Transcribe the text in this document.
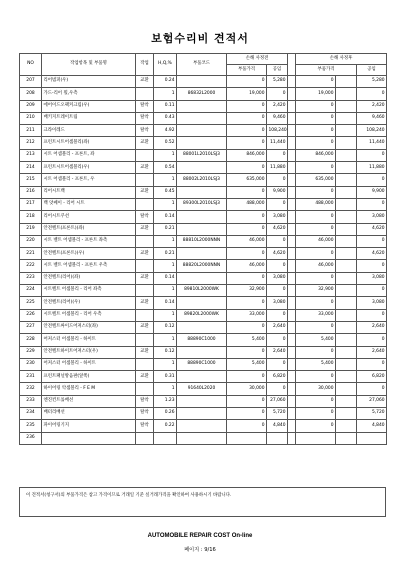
보험수리비 견적서
NO	작업항목 및 부품명	작업	H,Q,%	부품코드	손해 사정전			손해 사정후		
					부품가격	공임		부품가격		공임
207	리어범퍼(우)	교환	0.24		0	5,280		0		5,280
208	가드-리어 휠,우측		1	86832L2000	19,000	0		19,000		0
209	에어이드오팩커크립(우)	탈착	0.11		0	2,420		0		2,420
210	배키지트레이트림	탈착	0.43		0	9,460		0		9,460
211	크라이레드	탈착	4.92		0	108,240		0		108,240
212	프런트시트어셈블리(좌)	교환	0.52		0	11,440		0		11,440
213	시트 어셈블리 - 프론트, 좌		1	88001L2010LSJ3	846,000	0		846,000		0
214	프런트시트어셈블리(우)	교환	0.54		0	11,880		0		11,880
215	시트 어셈블리 - 프론트, 우		1	88002L2010LSJ3	635,000	0		635,000		0
216	리어시트백	교환	0.45		0	9,900		0		9,900
217	백 앗쎄이 - 리어 시트		1	89300L2010LSJ3	488,000	0		488,000		0
218	리어시트쿠션	탈착	0.14		0	3,080		0		3,080
219	안전벨트(프론트)(좌)	교환	0.21		0	4,620		0		4,620
220	시트 벨트 어셈블리 - 프론트 좌측		1	88810L2000NNN	46,000	0		46,000		0
221	안전벨트(프론트)(우)	교환	0.21		0	4,620		0		4,620
222	시트 벨트 어셈블리 - 프론트 우측		1	88820L2000NNN	46,000	0		46,000		0
223	안전벨트(리어)(좌)	교환	0.14		0	3,080		0		3,080
224	시트벨트 어셈블리 - 리어 좌측		1	89810L2000WK	32,900	0		32,900		0
225	안전벨트(리어)(우)	교환	0.14		0	3,080		0		3,080
226	시트벨트 어셈블리 - 리어 우측		1	89820L2000WK	33,000	0		33,000		0
227	안전벨트싸이드어져스터(좌)	교환	0.12		0	2,640		0		2,640
228	어져스터 어셈블리 - 하이트		1	88890C1000	5,400	0		5,400		0
229	안전벨트하이트어져스터(우)	교환	0.12		0	2,640		0		2,640
230	어져스터 어셈블리 - 하이트		1	88890C1000	5,400	0		5,400		0
231	프런트패널방음판(앞쪽)	교환	0.31		0	6,820		0		6,820
232	하이어링 악셈블리 - F E M		1	91640L2020	30,000	0		30,000		0
233	엔진컨트롤배선	탈착	1.23		0	27,060		0		27,060
234	배터리배선	탈착	0.26		0	5,720		0		5,720
235	파이어링기지	탈착	0.22		0	4,840		0		4,840
236										
이 견적서(청구서)의 부품가격은 참고 가격이므로 거래일 기준 실거래가격을 확인하여 사용하시기 바랍니다.
AUTOMOBILE REPAIR COST On-line
페이지 : 9/16
